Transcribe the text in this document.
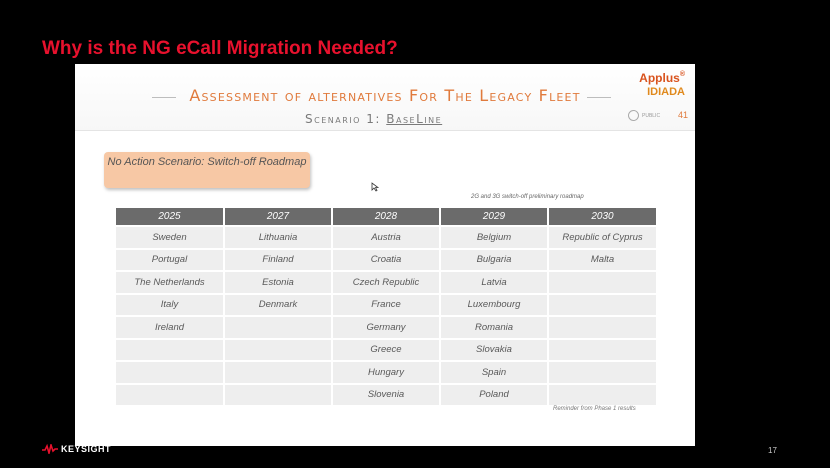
Why is the NG eCall Migration Needed?
Assessment of alternatives For The Legacy Fleet
Scenario 1: BaseLine
Applus®
IDIADA
PUBLIC 41
No Action Scenario: Switch-off Roadmap
2G and 3G switch-off preliminary roadmap
2025	2027	2028	2029	2030
Sweden	Lithuania	Austria	Belgium	Republic of Cyprus
Portugal	Finland	Croatia	Bulgaria	Malta
The Netherlands	Estonia	Czech Republic	Latvia	
Italy	Denmark	France	Luxembourg	
Ireland		Germany	Romania	
		Greece	Slovakia	
		Hungary	Spain	
		Slovenia	Poland	
Reminder from Phase 1 results
KEYSIGHT	17
